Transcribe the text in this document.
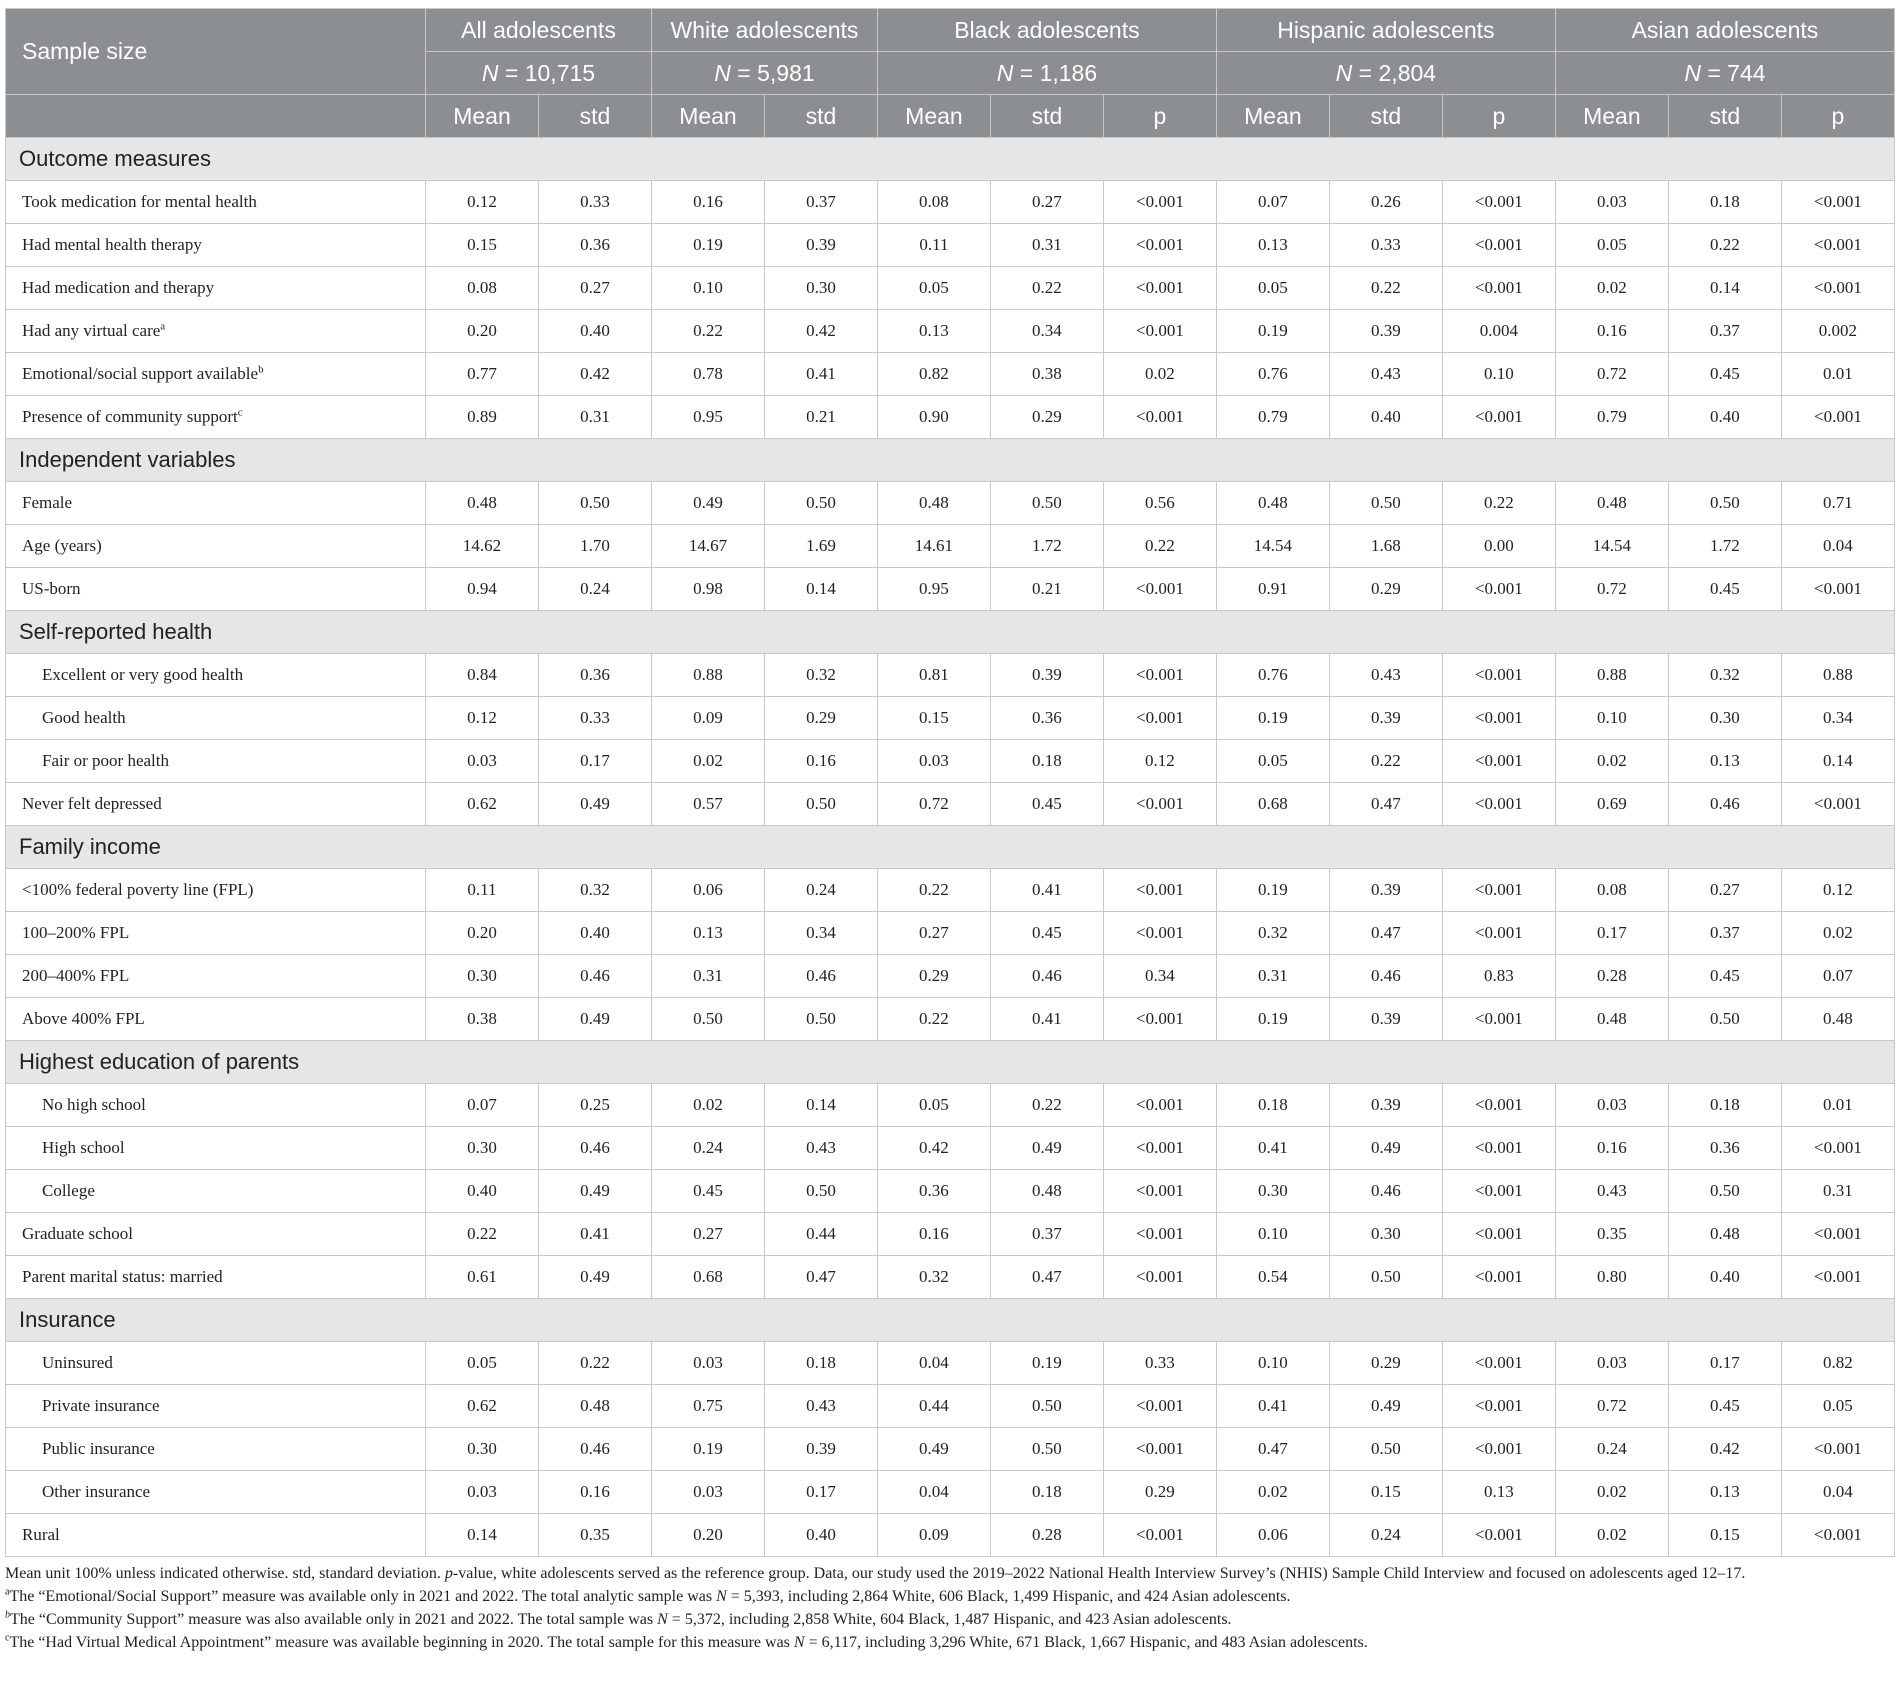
Sample size	All adolescents		White adolescents		Black adolescents			Hispanic adolescents			Asian adolescents		
	N = 10,715		N = 5,981		N = 1,186			N = 2,804			N = 744		
	Mean	std	Mean	std	Mean	std	p	Mean	std	p	Mean	std	p
Outcome measures													
Took medication for mental health	0.12	0.33	0.16	0.37	0.08	0.27	<0.001	0.07	0.26	<0.001	0.03	0.18	<0.001
Had mental health therapy	0.15	0.36	0.19	0.39	0.11	0.31	<0.001	0.13	0.33	<0.001	0.05	0.22	<0.001
Had medication and therapy	0.08	0.27	0.10	0.30	0.05	0.22	<0.001	0.05	0.22	<0.001	0.02	0.14	<0.001
Had any virtual care$^a$	0.20	0.40	0.22	0.42	0.13	0.34	<0.001	0.19	0.39	0.004	0.16	0.37	0.002
Emotional/social support available$^b$	0.77	0.42	0.78	0.41	0.82	0.38	0.02	0.76	0.43	0.10	0.72	0.45	0.01
Presence of community support$^c$	0.89	0.31	0.95	0.21	0.90	0.29	<0.001	0.79	0.40	<0.001	0.79	0.40	<0.001
Independent variables													
Female	0.48	0.50	0.49	0.50	0.48	0.50	0.56	0.48	0.50	0.22	0.48	0.50	0.71
Age (years)	14.62	1.70	14.67	1.69	14.61	1.72	0.22	14.54	1.68	0.00	14.54	1.72	0.04
US-born	0.94	0.24	0.98	0.14	0.95	0.21	<0.001	0.91	0.29	<0.001	0.72	0.45	<0.001
Self-reported health													
Excellent or very good health	0.84	0.36	0.88	0.32	0.81	0.39	<0.001	0.76	0.43	<0.001	0.88	0.32	0.88
Good health	0.12	0.33	0.09	0.29	0.15	0.36	<0.001	0.19	0.39	<0.001	0.10	0.30	0.34
Fair or poor health	0.03	0.17	0.02	0.16	0.03	0.18	0.12	0.05	0.22	<0.001	0.02	0.13	0.14
Never felt depressed	0.62	0.49	0.57	0.50	0.72	0.45	<0.001	0.68	0.47	<0.001	0.69	0.46	<0.001
Family income													
<100% federal poverty line (FPL)	0.11	0.32	0.06	0.24	0.22	0.41	<0.001	0.19	0.39	<0.001	0.08	0.27	0.12
100–200% FPL	0.20	0.40	0.13	0.34	0.27	0.45	<0.001	0.32	0.47	<0.001	0.17	0.37	0.02
200–400% FPL	0.30	0.46	0.31	0.46	0.29	0.46	0.34	0.31	0.46	0.83	0.28	0.45	0.07
Above 400% FPL	0.38	0.49	0.50	0.50	0.22	0.41	<0.001	0.19	0.39	<0.001	0.48	0.50	0.48
Highest education of parents													
No high school	0.07	0.25	0.02	0.14	0.05	0.22	<0.001	0.18	0.39	<0.001	0.03	0.18	0.01
High school	0.30	0.46	0.24	0.43	0.42	0.49	<0.001	0.41	0.49	<0.001	0.16	0.36	<0.001
College	0.40	0.49	0.45	0.50	0.36	0.48	<0.001	0.30	0.46	<0.001	0.43	0.50	0.31
Graduate school	0.22	0.41	0.27	0.44	0.16	0.37	<0.001	0.10	0.30	<0.001	0.35	0.48	<0.001
Parent marital status: married	0.61	0.49	0.68	0.47	0.32	0.47	<0.001	0.54	0.50	<0.001	0.80	0.40	<0.001
Insurance													
Uninsured	0.05	0.22	0.03	0.18	0.04	0.19	0.33	0.10	0.29	<0.001	0.03	0.17	0.82
Private insurance	0.62	0.48	0.75	0.43	0.44	0.50	<0.001	0.41	0.49	<0.001	0.72	0.45	0.05
Public insurance	0.30	0.46	0.19	0.39	0.49	0.50	<0.001	0.47	0.50	<0.001	0.24	0.42	<0.001
Other insurance	0.03	0.16	0.03	0.17	0.04	0.18	0.29	0.02	0.15	0.13	0.02	0.13	0.04
Rural	0.14	0.35	0.20	0.40	0.09	0.28	<0.001	0.06	0.24	<0.001	0.02	0.15	<0.001
Mean unit 100% unless indicated otherwise. std, standard deviation. p-value, white adolescents served as the reference group. Data, our study used the 2019–2022 National Health Interview Survey’s (NHIS) Sample Child Interview and focused on adolescents aged 12–17.
$^a$The “Emotional/Social Support” measure was available only in 2021 and 2022. The total analytic sample was N = 5,393, including 2,864 White, 606 Black, 1,499 Hispanic, and 424 Asian adolescents.
$^b$The “Community Support” measure was also available only in 2021 and 2022. The total sample was N = 5,372, including 2,858 White, 604 Black, 1,487 Hispanic, and 423 Asian adolescents.
$^c$The “Had Virtual Medical Appointment” measure was available beginning in 2020. The total sample for this measure was N = 6,117, including 3,296 White, 671 Black, 1,667 Hispanic, and 483 Asian adolescents.
